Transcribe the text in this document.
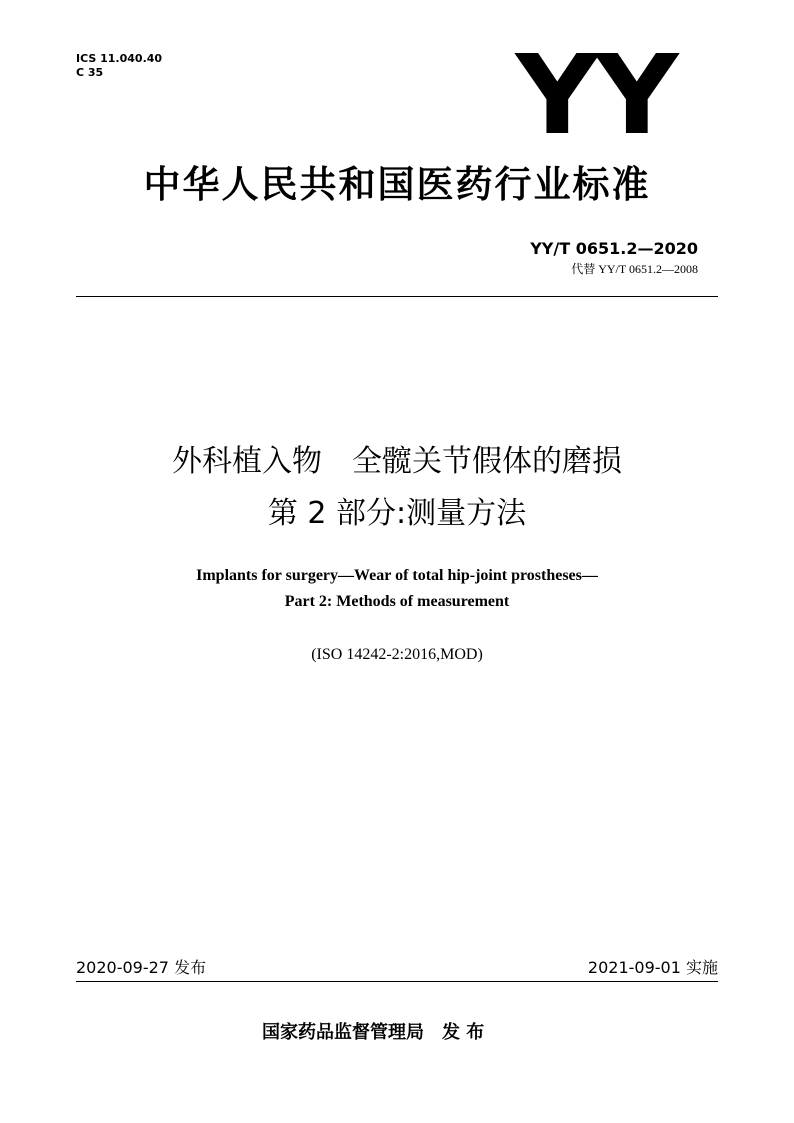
ICS 11.040.40
C 35	YY
中华人民共和国医药行业标准
YY/T 0651.2—2020
代替 YY/T 0651.2—2008
外科植入物　全髋关节假体的磨损
第 2 部分:测量方法
Implants for surgery—Wear of total hip-joint prostheses—
Part 2: Methods of measurement
(ISO 14242-2:2016,MOD)
2020-09-27 发布	2021-09-01 实施
国家药品监督管理局　发 布
